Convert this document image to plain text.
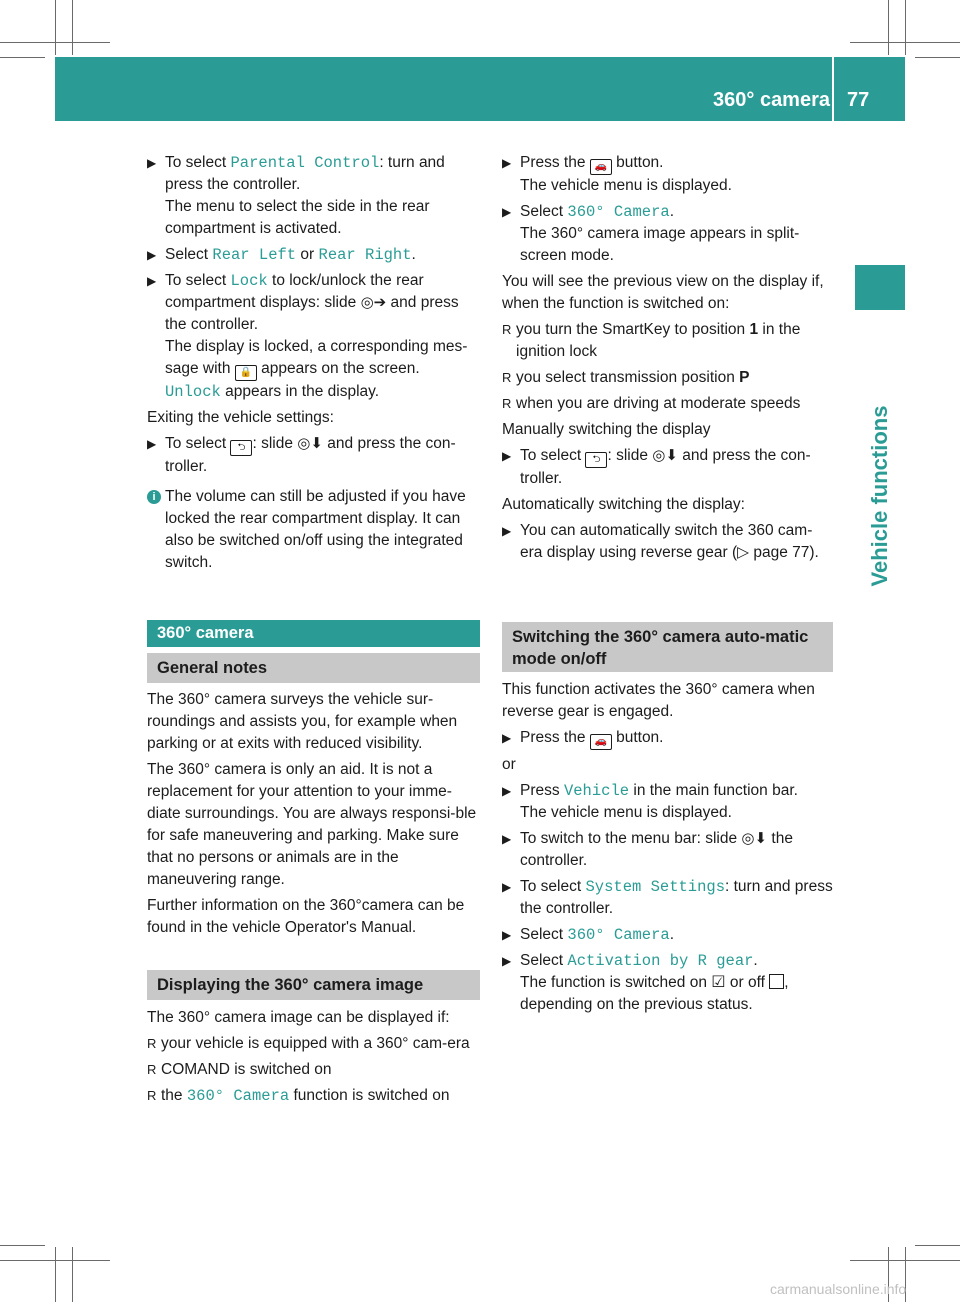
360° camera 77
Vehicle functions
▶ To select Parental Control: turn and press the controller.

The menu to select the side in the rear compartment is activated.

▶ Select Rear Left or Rear Right.

▶ To select Lock to lock/unlock the rear compartment displays: slide ◎➔ and press the controller.

The display is locked, a corresponding mes-sage with 🔒 appears on the screen.

Unlock appears in the display.

Exiting the vehicle settings:

▶ To select ⮌ : slide ◎⬇ and press the con-troller.

i The volume can still be adjusted if you have locked the rear compartment display. It can also be switched on/off using the integrated switch.

360° camera
General notes

The 360° camera surveys the vehicle sur-roundings and assists you, for example when parking or at exits with reduced visibility.

The 360° camera is only an aid. It is not a replacement for your attention to your imme-diate surroundings. You are always responsi-ble for safe maneuvering and parking. Make sure that no persons or animals are in the maneuvering range.

Further information on the 360°camera can be found in the vehicle Operator's Manual.

Displaying the 360° camera image

The 360° camera image can be displayed if:

R your vehicle is equipped with a 360° cam-era

R COMAND is switched on

R the 360° Camera function is switched on

▶ Press the 🚗 button.

The vehicle menu is displayed.

▶ Select 360° Camera.

The 360° camera image appears in split-screen mode.

You will see the previous view on the display if, when the function is switched on:

R you turn the SmartKey to position 1 in the ignition lock

R you select transmission position P

R when you are driving at moderate speeds

Manually switching the display

▶ To select ⮌ : slide ◎⬇ and press the con-troller.

Automatically switching the display:

▶ You can automatically switch the 360 cam-era display using reverse gear (▷ page 77).

Switching the 360° camera auto-matic mode on/off

This function activates the 360° camera when reverse gear is engaged.

▶ Press the 🚗 button.

or

▶ Press Vehicle in the main function bar.

The vehicle menu is displayed.

▶ To switch to the menu bar: slide ◎⬇ the controller.

▶ To select System Settings: turn and press the controller.

▶ Select 360° Camera.

▶ Select Activation by R gear.

The function is switched on ☑ or off ,

depending on the previous status.

carmanualsonline.info
